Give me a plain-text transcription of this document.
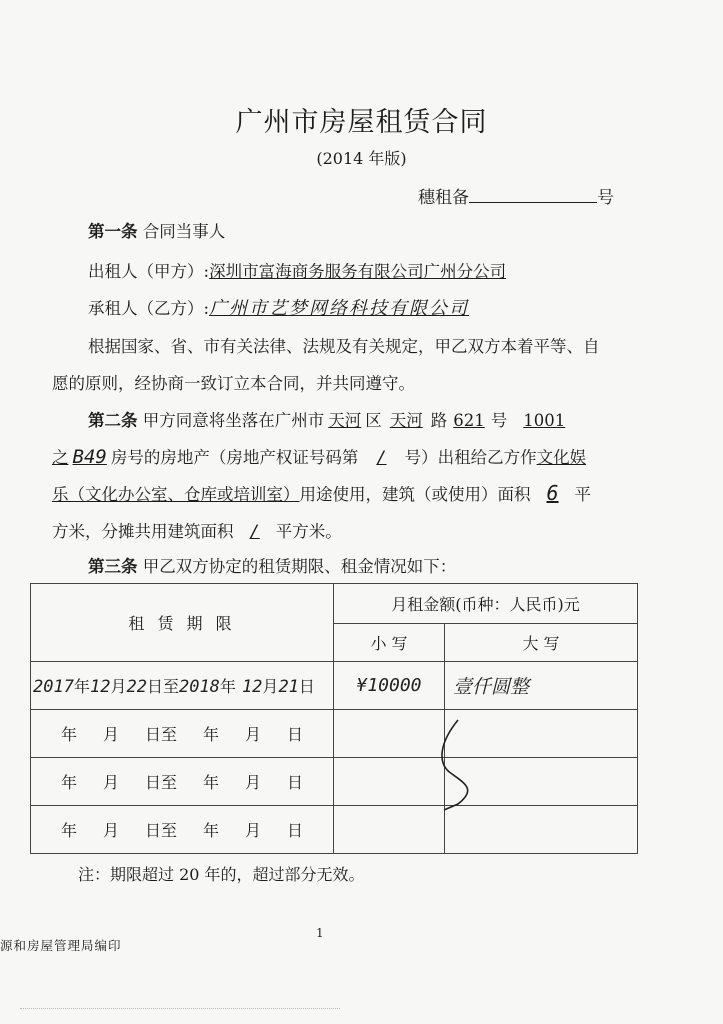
广州市房屋租赁合同
(2014 年版)
穗租备	号
第一条 合同当事人
出租人（甲方）:深圳市富海商务服务有限公司广州分公司
承租人（乙方）:广州市艺梦网络科技有限公司
根据国家、省、市有关法律、法规及有关规定，甲乙双方本着平等、自
愿的原则，经协商一致订立本合同，并共同遵守。
第二条 甲方同意将坐落在广州市 天河 区 天河 路 621 号 1001
之 B49 房号的房地产（房地产权证号码第 / 号）出租给乙方作文化娱
乐（文化办公室、仓库或培训室）用途使用，建筑（或使用）面积 6 平
方米，分摊共用建筑面积 / 平方米。
第三条 甲乙双方协定的租赁期限、租金情况如下：
租 赁 期 限	月租金额(币种：人民币)元	
	小 写	大 写
2017年12月22日至2018年 12月21日	¥10000	壹仟圆整
年 月 日至 年 月 日		
年 月 日至 年 月 日		
年 月 日至 年 月 日		
注：期限超过 20 年的，超过部分无效。
1
源和房屋管理局编印
